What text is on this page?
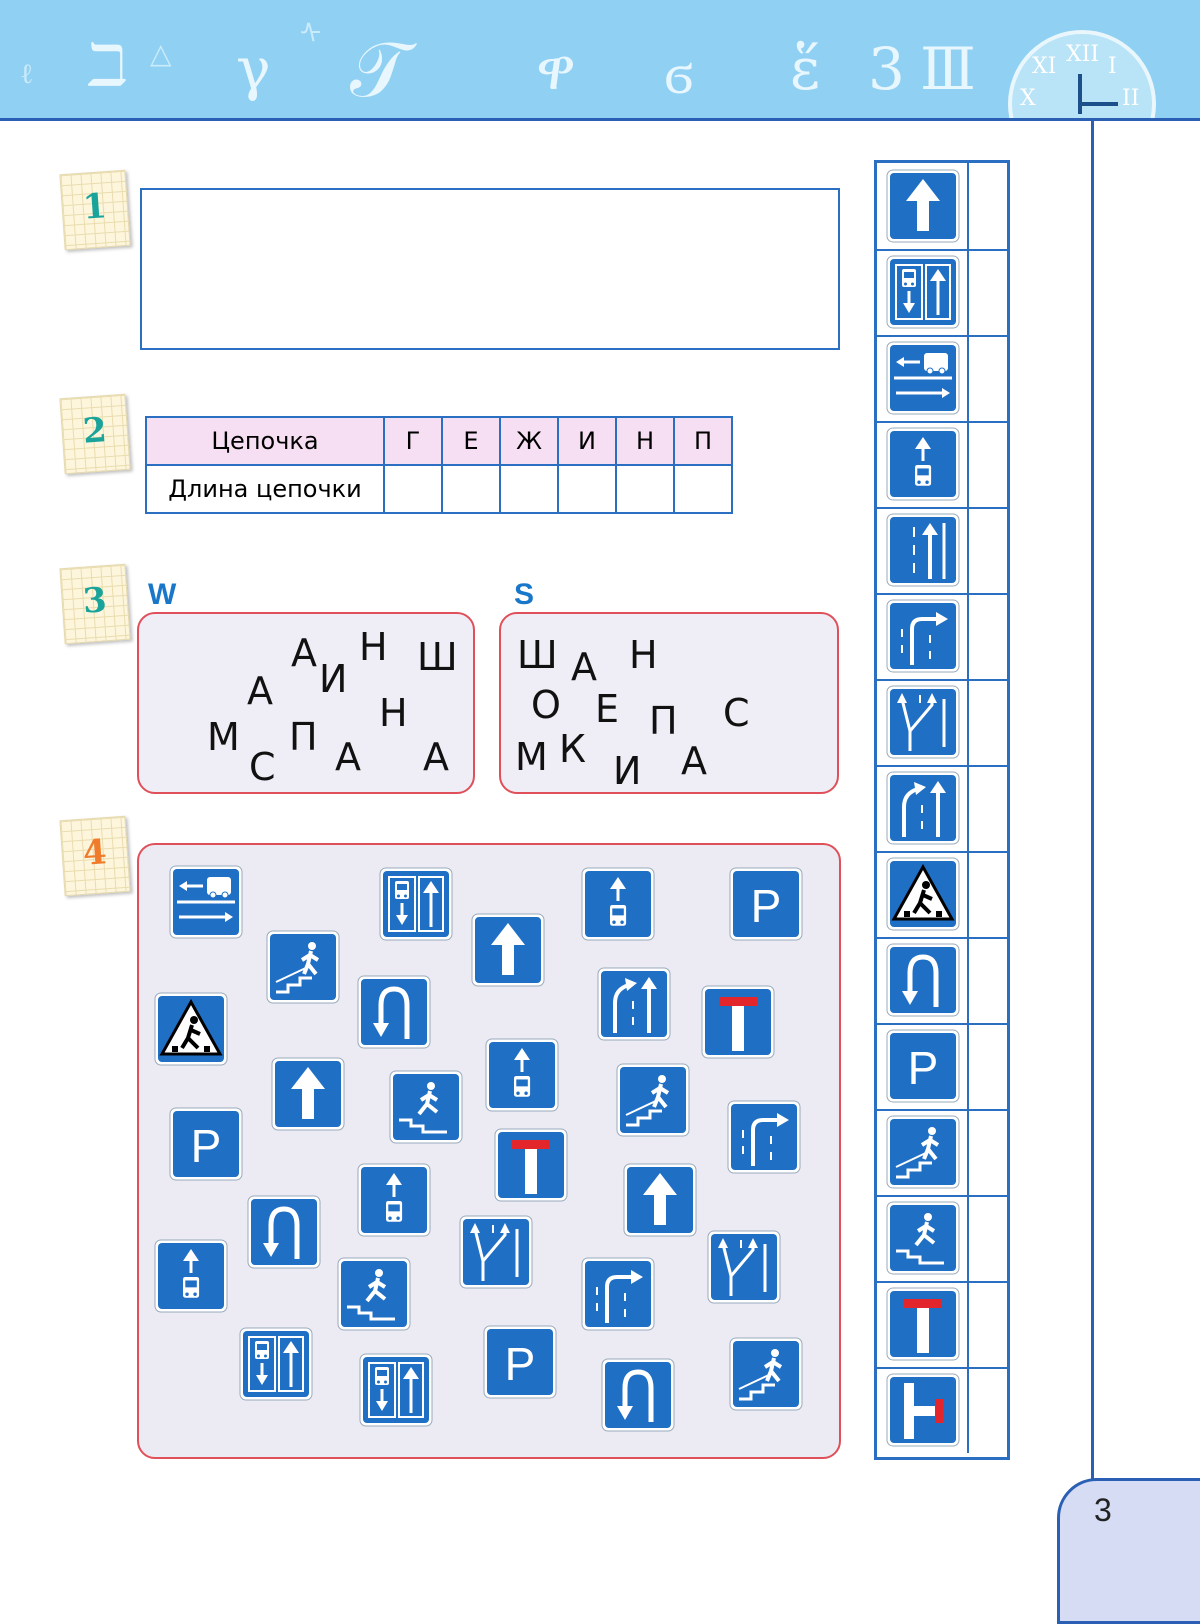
ℓ ℶ △ γ 𝒯
ᠰ
ዋ ϭ ἕ 3 Ⅲ	XII
XI I
X	II
3
1
2	Цепочка	Г	Е	Ж	И	Н	П
Длина цепочки						
3	W	S
А Н Ш
А И
Н
М П
С А А
Ш А Н
О Е П С
М К И А
4
P
P
P
P
